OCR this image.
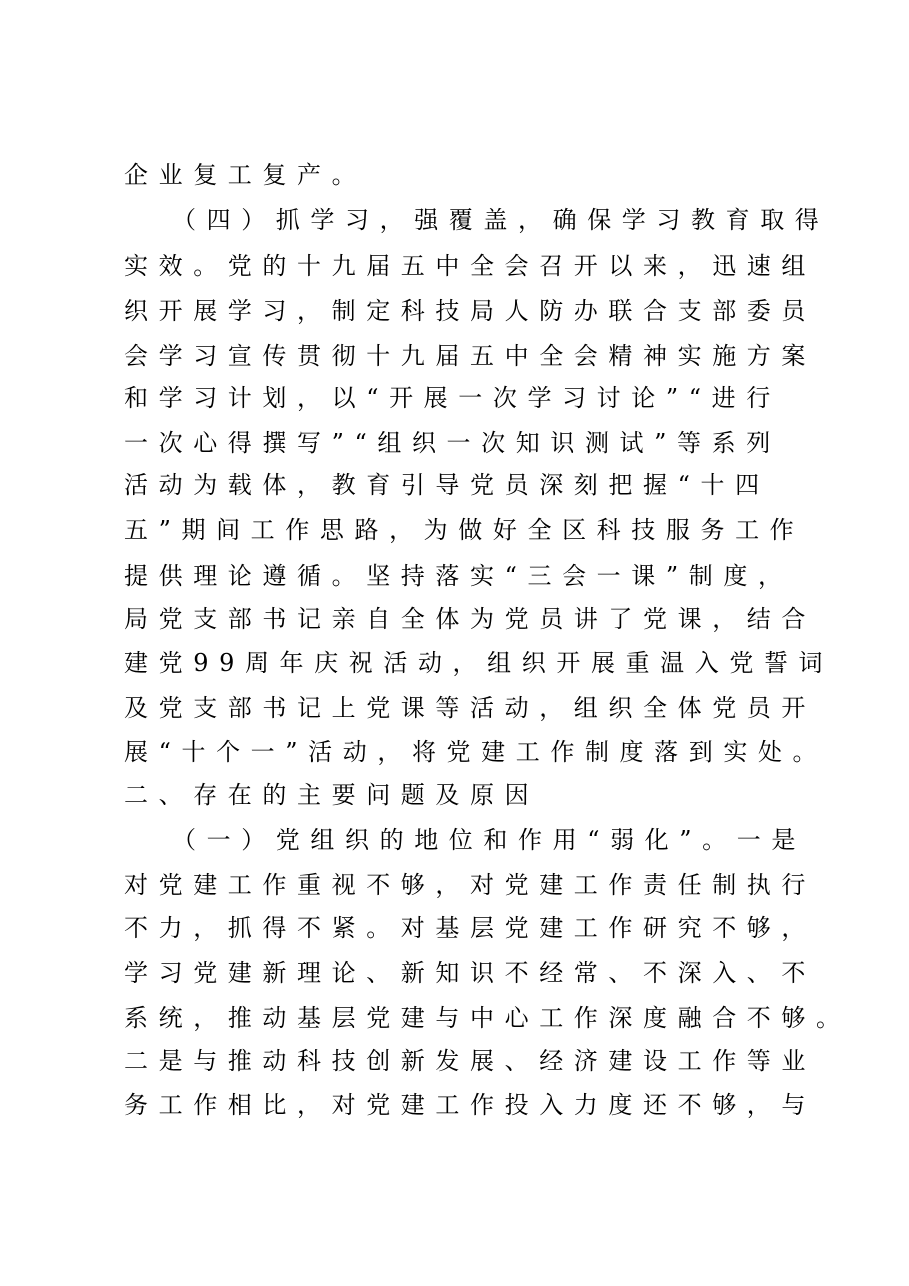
企业复工复产。
（四）抓学习，强覆盖，确保学习教育取得
实效。党的十九届五中全会召开以来，迅速组
织开展学习，制定科技局人防办联合支部委员
会学习宣传贯彻十九届五中全会精神实施方案
和学习计划，以“开展一次学习讨论”“进行
一次心得撰写”“组织一次知识测试”等系列
活动为载体，教育引导党员深刻把握“十四
五”期间工作思路，为做好全区科技服务工作
提供理论遵循。坚持落实“三会一课”制度，
局党支部书记亲自全体为党员讲了党课，结合
建党99周年庆祝活动，组织开展重温入党誓词
及党支部书记上党课等活动，组织全体党员开
展“十个一”活动，将党建工作制度落到实处。
二、存在的主要问题及原因
（一）党组织的地位和作用“弱化”。一是
对党建工作重视不够，对党建工作责任制执行
不力，抓得不紧。对基层党建工作研究不够，
学习党建新理论、新知识不经常、不深入、不
系统，推动基层党建与中心工作深度融合不够。
二是与推动科技创新发展、经济建设工作等业
务工作相比，对党建工作投入力度还不够，与
